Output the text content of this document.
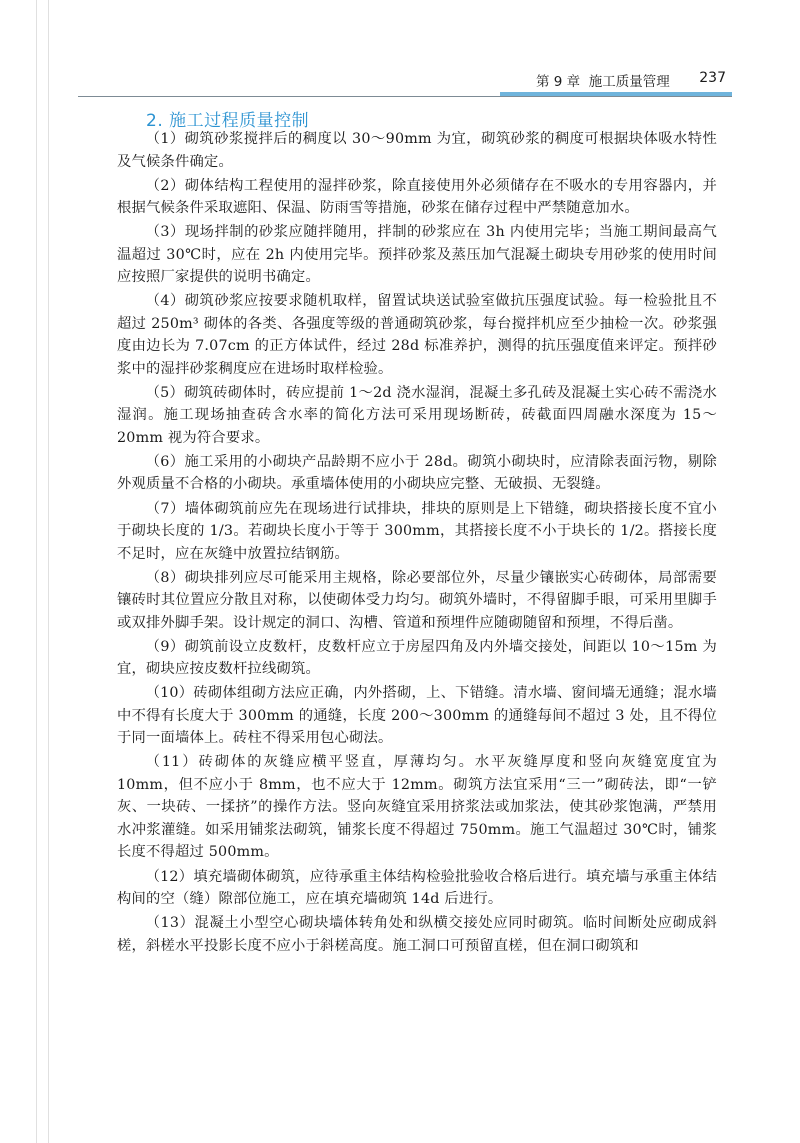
第 9 章 施工质量管理 237
2. 施工过程质量控制

（1）砌筑砂浆搅拌后的稠度以 30～90mm 为宜，砌筑砂浆的稠度可根据块体吸水特性及气候条件确定。

（2）砌体结构工程使用的湿拌砂浆，除直接使用外必须储存在不吸水的专用容器内，并根据气候条件采取遮阳、保温、防雨雪等措施，砂浆在储存过程中严禁随意加水。

（3）现场拌制的砂浆应随拌随用，拌制的砂浆应在 3h 内使用完毕；当施工期间最高气温超过 30℃时，应在 2h 内使用完毕。预拌砂浆及蒸压加气混凝土砌块专用砂浆的使用时间应按照厂家提供的说明书确定。

（4）砌筑砂浆应按要求随机取样，留置试块送试验室做抗压强度试验。每一检验批且不超过 250m³ 砌体的各类、各强度等级的普通砌筑砂浆，每台搅拌机应至少抽检一次。砂浆强度由边长为 7.07cm 的正方体试件，经过 28d 标准养护，测得的抗压强度值来评定。预拌砂浆中的湿拌砂浆稠度应在进场时取样检验。

（5）砌筑砖砌体时，砖应提前 1～2d 浇水湿润，混凝土多孔砖及混凝土实心砖不需浇水湿润。施工现场抽查砖含水率的简化方法可采用现场断砖，砖截面四周融水深度为 15～20mm 视为符合要求。

（6）施工采用的小砌块产品龄期不应小于 28d。砌筑小砌块时，应清除表面污物，剔除外观质量不合格的小砌块。承重墙体使用的小砌块应完整、无破损、无裂缝。

（7）墙体砌筑前应先在现场进行试排块，排块的原则是上下错缝，砌块搭接长度不宜小于砌块长度的 1/3。若砌块长度小于等于 300mm，其搭接长度不小于块长的 1/2。搭接长度不足时，应在灰缝中放置拉结钢筋。

（8）砌块排列应尽可能采用主规格，除必要部位外，尽量少镶嵌实心砖砌体，局部需要镶砖时其位置应分散且对称，以使砌体受力均匀。砌筑外墙时，不得留脚手眼，可采用里脚手或双排外脚手架。设计规定的洞口、沟槽、管道和预埋件应随砌随留和预埋，不得后凿。

（9）砌筑前设立皮数杆，皮数杆应立于房屋四角及内外墙交接处，间距以 10～15m 为宜，砌块应按皮数杆拉线砌筑。

（10）砖砌体组砌方法应正确，内外搭砌，上、下错缝。清水墙、窗间墙无通缝；混水墙中不得有长度大于 300mm 的通缝，长度 200～300mm 的通缝每间不超过 3 处，且不得位于同一面墙体上。砖柱不得采用包心砌法。

（11）砖砌体的灰缝应横平竖直，厚薄均匀。水平灰缝厚度和竖向灰缝宽度宜为 10mm，但不应小于 8mm，也不应大于 12mm。砌筑方法宜采用“三一”砌砖法，即“一铲灰、一块砖、一揉挤”的操作方法。竖向灰缝宜采用挤浆法或加浆法，使其砂浆饱满，严禁用水冲浆灌缝。如采用铺浆法砌筑，铺浆长度不得超过 750mm。施工气温超过 30℃时，铺浆长度不得超过 500mm。

（12）填充墙砌体砌筑，应待承重主体结构检验批验收合格后进行。填充墙与承重主体结构间的空（缝）隙部位施工，应在填充墙砌筑 14d 后进行。

（13）混凝土小型空心砌块墙体转角处和纵横交接处应同时砌筑。临时间断处应砌成斜槎，斜槎水平投影长度不应小于斜槎高度。施工洞口可预留直槎，但在洞口砌筑和
